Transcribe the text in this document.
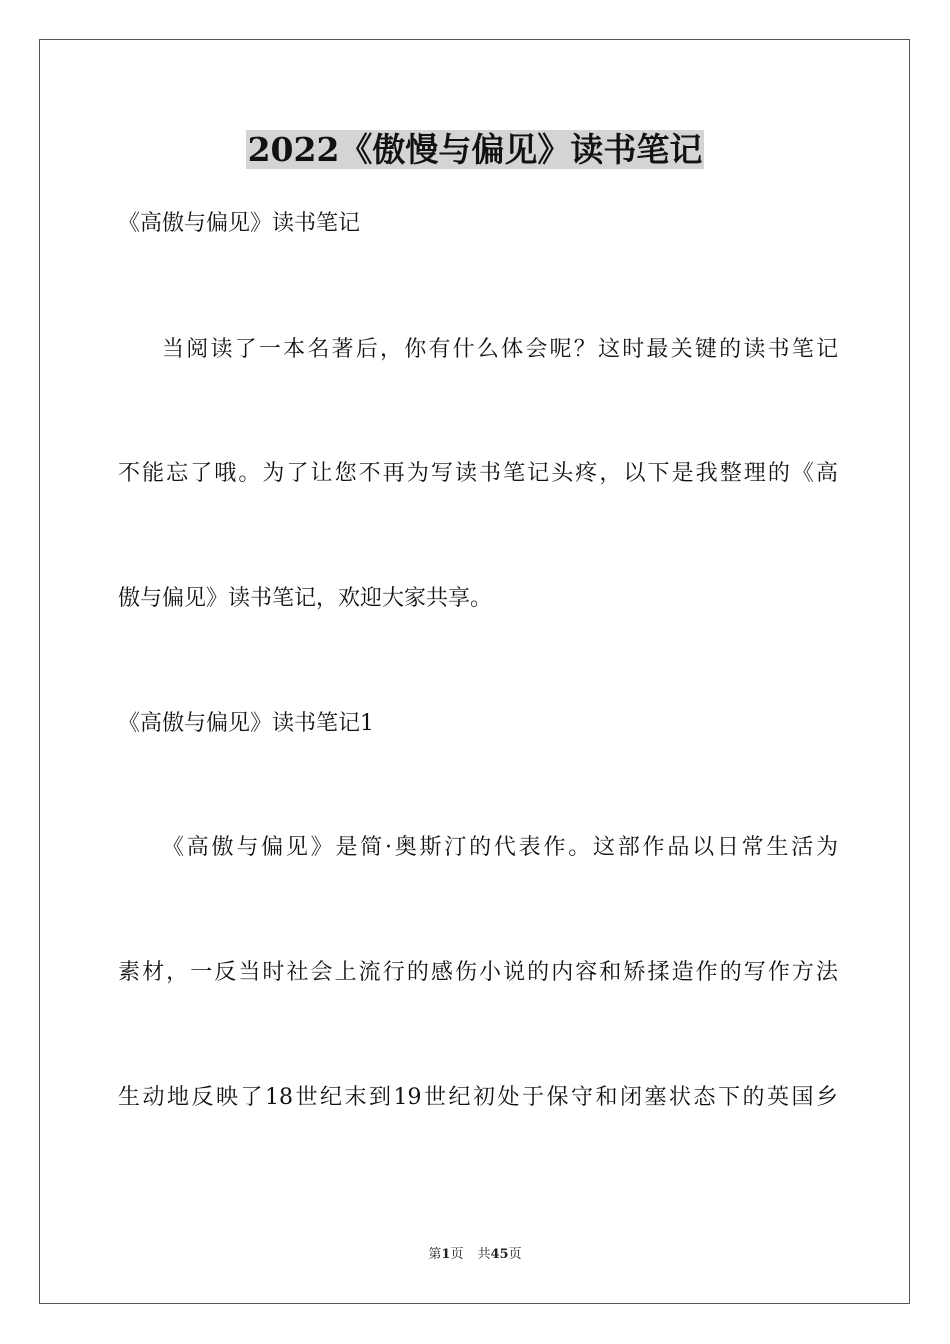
2022《傲慢与偏见》读书笔记
《高傲与偏见》读书笔记
当阅读了一本名著后，你有什么体会呢？这时最关键的读书笔记
不能忘了哦。为了让您不再为写读书笔记头疼，以下是我整理的《高
傲与偏见》读书笔记，欢迎大家共享。
《高傲与偏见》读书笔记1
《高傲与偏见》是简·奥斯汀的代表作。这部作品以日常生活为
素材，一反当时社会上流行的感伤小说的内容和矫揉造作的写作方法
生动地反映了18世纪末到19世纪初处于保守和闭塞状态下的英国乡
第1页 共45页
